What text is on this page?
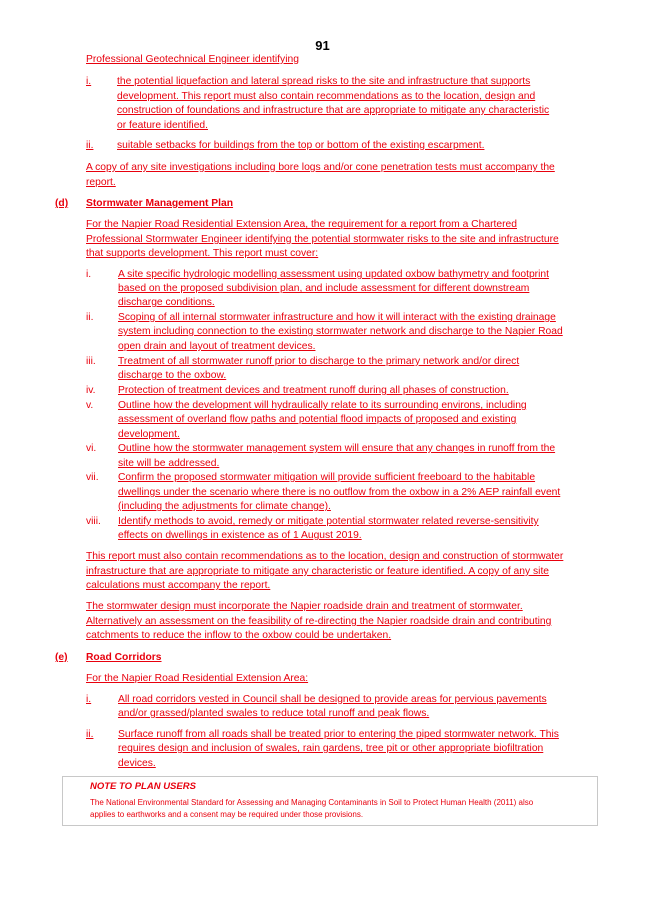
91
Professional Geotechnical Engineer identifying
i.	the potential liquefaction and lateral spread risks to the site and infrastructure that supports
development. This report must also contain recommendations as to the location, design and
construction of foundations and infrastructure that are appropriate to mitigate any characteristic
or feature identified.
ii. suitable setbacks for buildings from the top or bottom of the existing escarpment.
A copy of any site investigations including bore logs and/or cone penetration tests must accompany the
report.
(d) Stormwater Management Plan
For the Napier Road Residential Extension Area, the requirement for a report from a Chartered
Professional Stormwater Engineer identifying the potential stormwater risks to the site and infrastructure
that supports development. This report must cover:
i.	A site specific hydrologic modelling assessment using updated oxbow bathymetry and footprint
based on the proposed subdivision plan, and include assessment for different downstream
discharge conditions.
ii. Scoping of all internal stormwater infrastructure and how it will interact with the existing drainage
system including connection to the existing stormwater network and discharge to the Napier Road
open drain and layout of treatment devices.
iii. Treatment of all stormwater runoff prior to discharge to the primary network and/or direct
discharge to the oxbow.
iv. Protection of treatment devices and treatment runoff during all phases of construction.
v. Outline how the development will hydraulically relate to its surrounding environs, including
assessment of overland flow paths and potential flood impacts of proposed and existing
development.
vi. Outline how the stormwater management system will ensure that any changes in runoff from the
site will be addressed.
vii. Confirm the proposed stormwater mitigation will provide sufficient freeboard to the habitable
dwellings under the scenario where there is no outflow from the oxbow in a 2% AEP rainfall event
(including the adjustments for climate change).
viii. Identify methods to avoid, remedy or mitigate potential stormwater related reverse-sensitivity
effects on dwellings in existence as of 1 August 2019.
This report must also contain recommendations as to the location, design and construction of stormwater
infrastructure that are appropriate to mitigate any characteristic or feature identified. A copy of any site
calculations must accompany the report.
The stormwater design must incorporate the Napier roadside drain and treatment of stormwater.
Alternatively an assessment on the feasibility of re-directing the Napier roadside drain and contributing
catchments to reduce the inflow to the oxbow could be undertaken.
(e) Road Corridors
For the Napier Road Residential Extension Area:
i.	All road corridors vested in Council shall be designed to provide areas for pervious pavements
and/or grassed/planted swales to reduce total runoff and peak flows.
ii. Surface runoff from all roads shall be treated prior to entering the piped stormwater network. This
requires design and inclusion of swales, rain gardens, tree pit or other appropriate biofiltration
devices.
NOTE TO PLAN USERS
The National Environmental Standard for Assessing and Managing Contaminants in Soil to Protect Human Health (2011) also
applies to earthworks and a consent may be required under those provisions.
